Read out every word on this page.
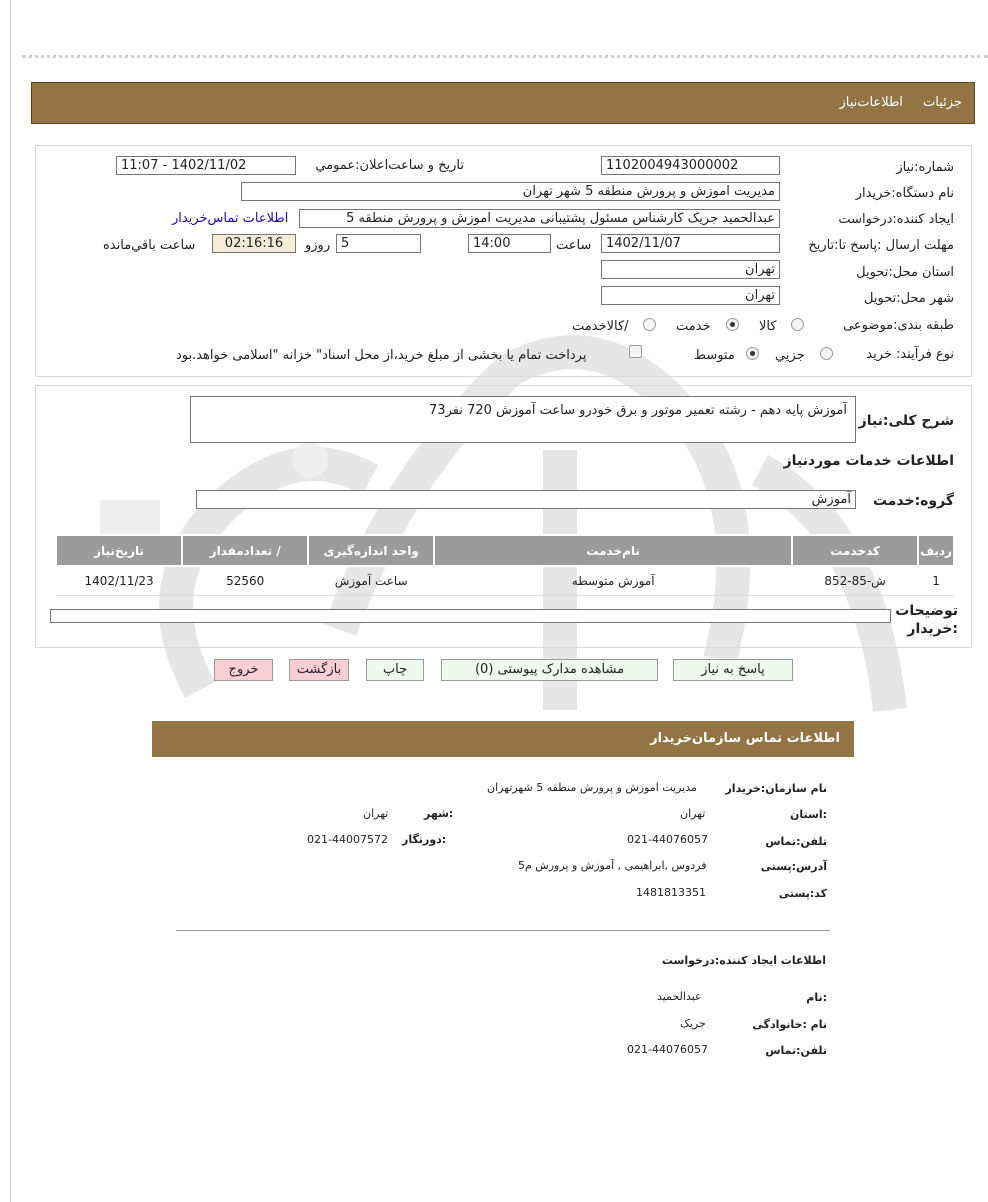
جزئيات اطلاعات‌نیاز
شماره:نیاز
1102004943000002
تاریخ و ساعت‌اعلان:عمومي
1402/11/02 - 11:07
نام دستگاه:خریدار
مدیریت اموزش و پرورش منطقه 5 شهر تهران
ایجاد کننده:درخواست
عبدالحمید جریک کارشناس مسئول پشتیبانی مدیریت اموزش و پرورش منطقه 5
اطلاعات تماس‌خریدار
مهلت ارسال :پاسخ تا:تاریخ
1402/11/07
ساعت
14:00
5
روزو
02:16:16
ساعت باقي‌مانده
استان محل:تحویل
تهران
شهر محل:تحویل
تهران
طبقه بندی:موضوعی
کالا
خدمت
/کالاخدمت
نوع فرآیند: خرید
جزيي
متوسط
پرداخت تمام یا بخشی از مبلغ خرید،از محل اسناد" خزانه "اسلامی خواهد.بود
شرح کلی:نیاز
آموزش پایه دهم - رشته تعمیر موتور و برق خودرو ساعت آموزش 720 نفر73
اطلاعات خدمات موردنیاز
گروه:خدمت
آموزش
ردیف	کدخدمت	نام‌خدمت	واحد اندازه‌گیری	/ تعدادمقدار	تاریخ‌نیاز
1	ش-85-852	آموزش متوسطه	ساعت آموزش	52560	1402/11/23
توضیحات :خریدار
پاسخ به نیاز
مشاهده مدارک پیوستی (0)
چاپ
بازگشت
خروج
اطلاعات تماس سازمان‌خریدار
نام سازمان:خریدار
مدیریت اموزش و پرورش منطقه 5 شهرتهران
:استان
تهران
:شهر
تهران
تلفن:تماس
021-44076057
:دورنگار
021-44007572
آدرس:پستی
فردوس ,ابراهیمی , آموزش و پرورش م5
کد:پستی
1481813351
اطلاعات ایجاد کننده:درخواست
:نام
عبدالحمید
نام :خانوادگی
جریک
تلفن:تماس
021-44076057
